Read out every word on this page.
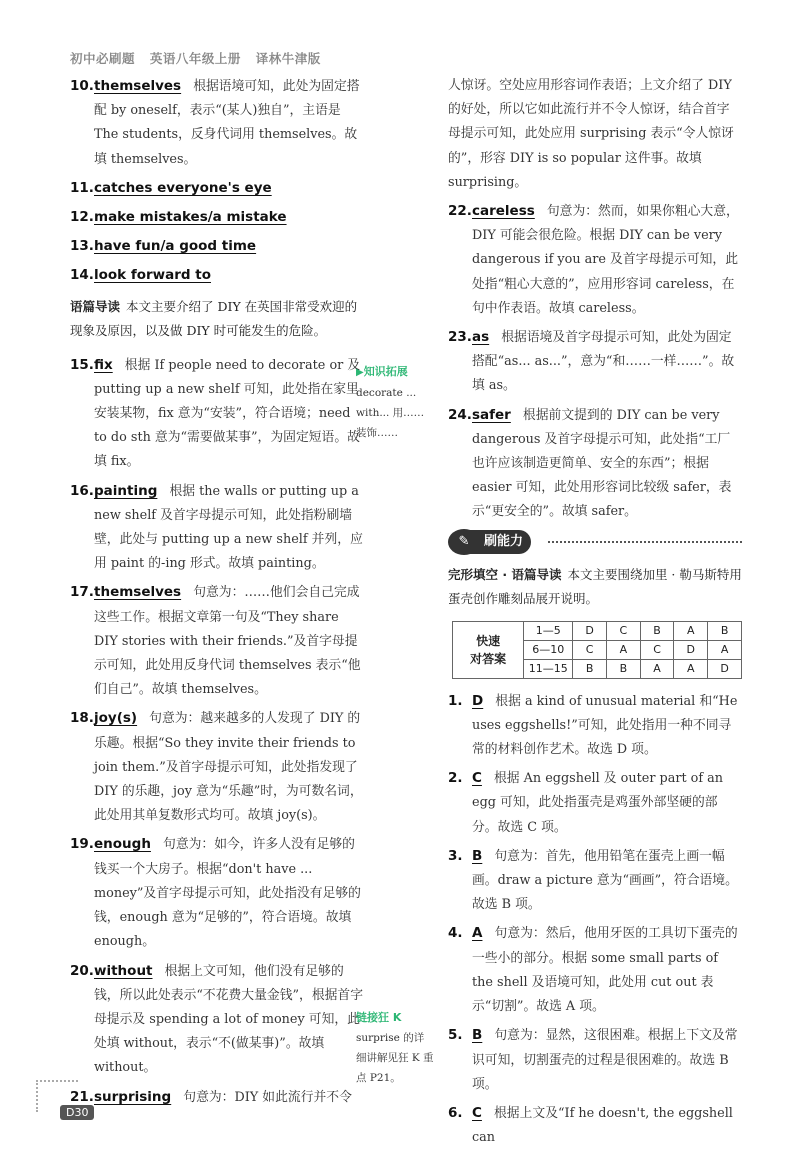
初中必刷题 英语八年级上册 译林牛津版
10. themselves 根据语境可知，此处为固定搭配 by oneself，表示“(某人)独自”，主语是 The students，反身代词用 themselves。故填 themselves。
11. catches everyone's eye
12. make mistakes/a mistake
13. have fun/a good time
14. look forward to
语篇导读 本文主要介绍了 DIY 在英国非常受欢迎的现象及原因，以及做 DIY 时可能发生的危险。
15. fix 根据 If people need to decorate or 及 putting up a new shelf 可知，此处指在家里安装某物，fix 意为“安装”，符合语境；need to do sth 意为“需要做某事”，为固定短语。故填 fix。
16. painting 根据 the walls or putting up a new shelf 及首字母提示可知，此处指粉刷墙壁，此处与 putting up a new shelf 并列，应用 paint 的-ing 形式。故填 painting。
17. themselves 句意为：……他们会自己完成这些工作。根据文章第一句及“They share DIY stories with their friends.”及首字母提示可知，此处用反身代词 themselves 表示“他们自己”。故填 themselves。
18. joy(s) 句意为：越来越多的人发现了 DIY 的乐趣。根据“So they invite their friends to join them.”及首字母提示可知，此处指发现了 DIY 的乐趣，joy 意为“乐趣”时，为可数名词，此处用其单复数形式均可。故填 joy(s)。
19. enough 句意为：如今，许多人没有足够的钱买一个大房子。根据“don't have ... money”及首字母提示可知，此处指没有足够的钱，enough 意为“足够的”，符合语境。故填 enough。
20. without 根据上文可知，他们没有足够的钱，所以此处表示“不花费大量金钱”，根据首字母提示及 spending a lot of money 可知，此处填 without，表示“不(做某事)”。故填 without。
21. surprising 句意为：DIY 如此流行并不令
▶知识拓展
decorate ... with... 用……装饰……
链接狂 K
surprise 的详细讲解见狂 K 重点 P21。
人惊讶。空处应用形容词作表语；上文介绍了 DIY 的好处，所以它如此流行并不令人惊讶，结合首字母提示可知，此处应用 surprising 表示“令人惊讶的”，形容 DIY is so popular 这件事。故填 surprising。
22. careless 句意为：然而，如果你粗心大意，DIY 可能会很危险。根据 DIY can be very dangerous if you are 及首字母提示可知，此处指“粗心大意的”，应用形容词 careless，在句中作表语。故填 careless。
23. as 根据语境及首字母提示可知，此处为固定搭配“as... as...”，意为“和……一样……”。故填 as。
24. safer 根据前文提到的 DIY can be very dangerous 及首字母提示可知，此处指“工厂也许应该制造更简单、安全的东西”；根据 easier 可知，此处用形容词比较级 safer，表示“更安全的”。故填 safer。
✎	刷能力
完形填空 · 语篇导读 本文主要围绕加里 · 勒马斯特用蛋壳创作雕刻品展开说明。
快速
对答案	1—5	D	C	B	A	B
	6—10	C	A	C	D	A
	11—15	B	B	A	A	D
1. D 根据 a kind of unusual material 和“He uses eggshells!”可知，此处指用一种不同寻常的材料创作艺术。故选 D 项。
2. C 根据 An eggshell 及 outer part of an egg 可知，此处指蛋壳是鸡蛋外部坚硬的部分。故选 C 项。
3. B 句意为：首先，他用铅笔在蛋壳上画一幅画。draw a picture 意为“画画”，符合语境。故选 B 项。
4. A 句意为：然后，他用牙医的工具切下蛋壳的一些小的部分。根据 some small parts of the shell 及语境可知，此处用 cut out 表示“切割”。故选 A 项。
5. B 句意为：显然，这很困难。根据上下文及常识可知，切割蛋壳的过程是很困难的。故选 B 项。
6. C 根据上文及“If he doesn't, the eggshell can
D30
